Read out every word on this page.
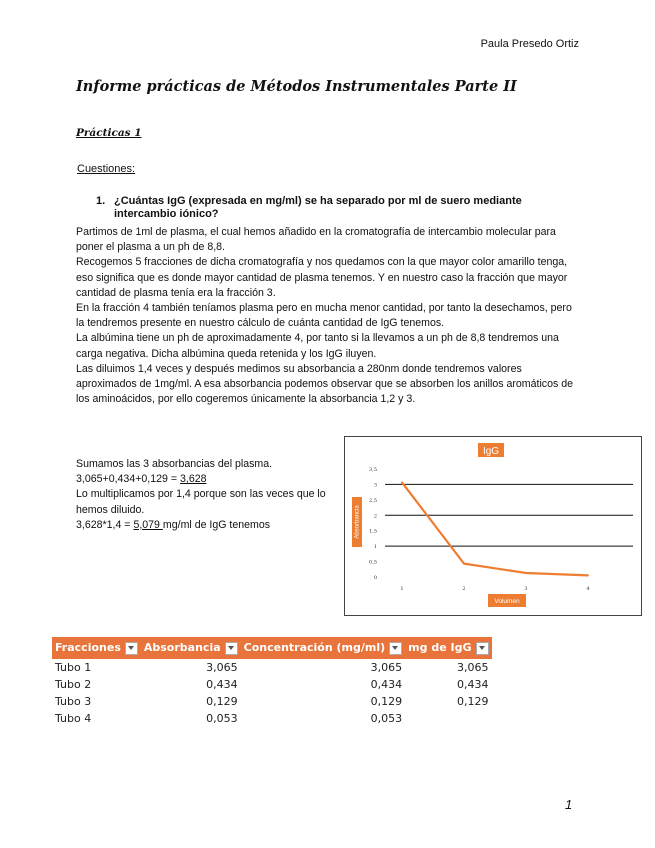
Paula Presedo Ortiz
Informe prácticas de Métodos Instrumentales Parte II
Prácticas 1
Cuestiones:
1. ¿Cuántas IgG (expresada en mg/ml) se ha separado por ml de suero mediante intercambio iónico?

Partimos de 1ml de plasma, el cual hemos añadido en la cromatografía de intercambio molecular para poner el plasma a un ph de 8,8.

Recogemos 5 fracciones de dicha cromatografía y nos quedamos con la que mayor color amarillo tenga, eso significa que es donde mayor cantidad de plasma tenemos. Y en nuestro caso la fracción que mayor cantidad de plasma tenía era la fracción 3.

En la fracción 4 también teníamos plasma pero en mucha menor cantidad, por tanto la desechamos, pero la tendremos presente en nuestro cálculo de cuánta cantidad de IgG tenemos.

La albúmina tiene un ph de aproximadamente 4, por tanto si la llevamos a un ph de 8,8 tendremos una carga negativa. Dicha albúmina queda retenida y los IgG iluyen.

Las diluimos 1,4 veces y después medimos su absorbancia a 280nm donde tendremos valores aproximados de 1mg/ml. A esa absorbancia podemos observar que se absorben los anillos aromáticos de los aminoácidos, por ello cogeremos únicamente la absorbancia 1,2 y 3.

Sumamos las 3 absorbancias del plasma.

3,065+0,434+0,129 = 3,628

Lo multiplicamos por 1,4 porque son las veces que lo hemos diluido.

3,628*1,4 = 5,079 mg/ml de IgG tenemos

IgG
0
0,5
1
1,5
2
2,5
3
3,5
Absorbancia
1	2	3	4
Volumen
Fracciones	Absorbancia	Concentración (mg/ml)	mg de IgG
Tubo 1	3,065	3,065	3,065
Tubo 2	0,434	0,434	0,434
Tubo 3	0,129	0,129	0,129
Tubo 4	0,053	0,053	
1
